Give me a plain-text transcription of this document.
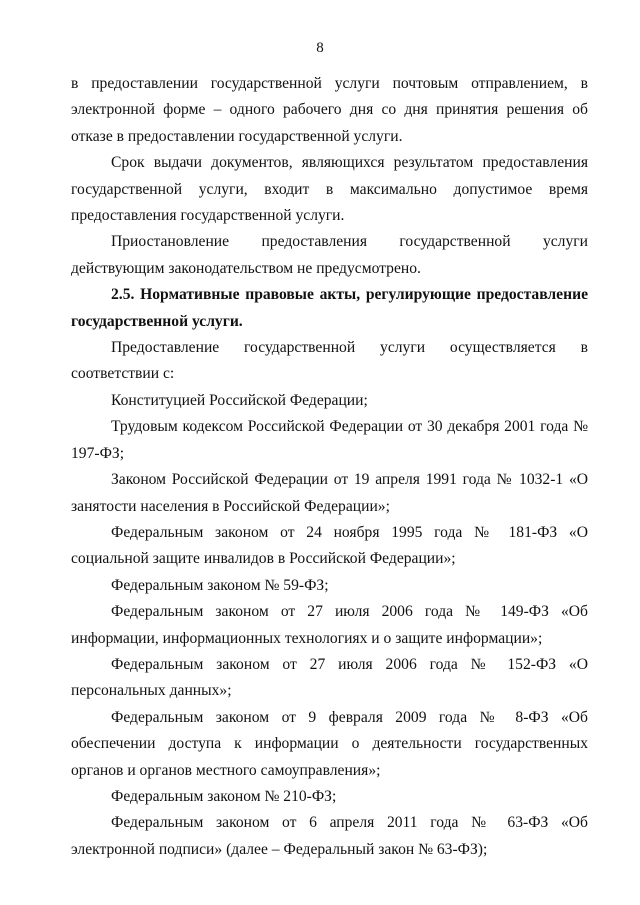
8

в предоставлении государственной услуги почтовым отправлением, в электронной форме – одного рабочего дня со дня принятия решения об отказе в предоставлении государственной услуги.

Срок выдачи документов, являющихся результатом предоставления государственной услуги, входит в максимально допустимое время предоставления государственной услуги.

Приостановление предоставления государственной услуги действующим законодательством не предусмотрено.

2.5. Нормативные правовые акты, регулирующие предоставление государственной услуги.

Предоставление государственной услуги осуществляется в соответствии с:

Конституцией Российской Федерации;

Трудовым кодексом Российской Федерации от 30 декабря 2001 года № 197-ФЗ;

Законом Российской Федерации от 19 апреля 1991 года № 1032-1 «О занятости населения в Российской Федерации»;

Федеральным законом от 24 ноября 1995 года № 181-ФЗ «О социальной защите инвалидов в Российской Федерации»;

Федеральным законом № 59-ФЗ;

Федеральным законом от 27 июля 2006 года № 149-ФЗ «Об информации, информационных технологиях и о защите информации»;

Федеральным законом от 27 июля 2006 года № 152-ФЗ «О персональных данных»;

Федеральным законом от 9 февраля 2009 года № 8-ФЗ «Об обеспечении доступа к информации о деятельности государственных органов и органов местного самоуправления»;

Федеральным законом № 210-ФЗ;

Федеральным законом от 6 апреля 2011 года № 63-ФЗ «Об электронной подписи» (далее – Федеральный закон № 63-ФЗ);
